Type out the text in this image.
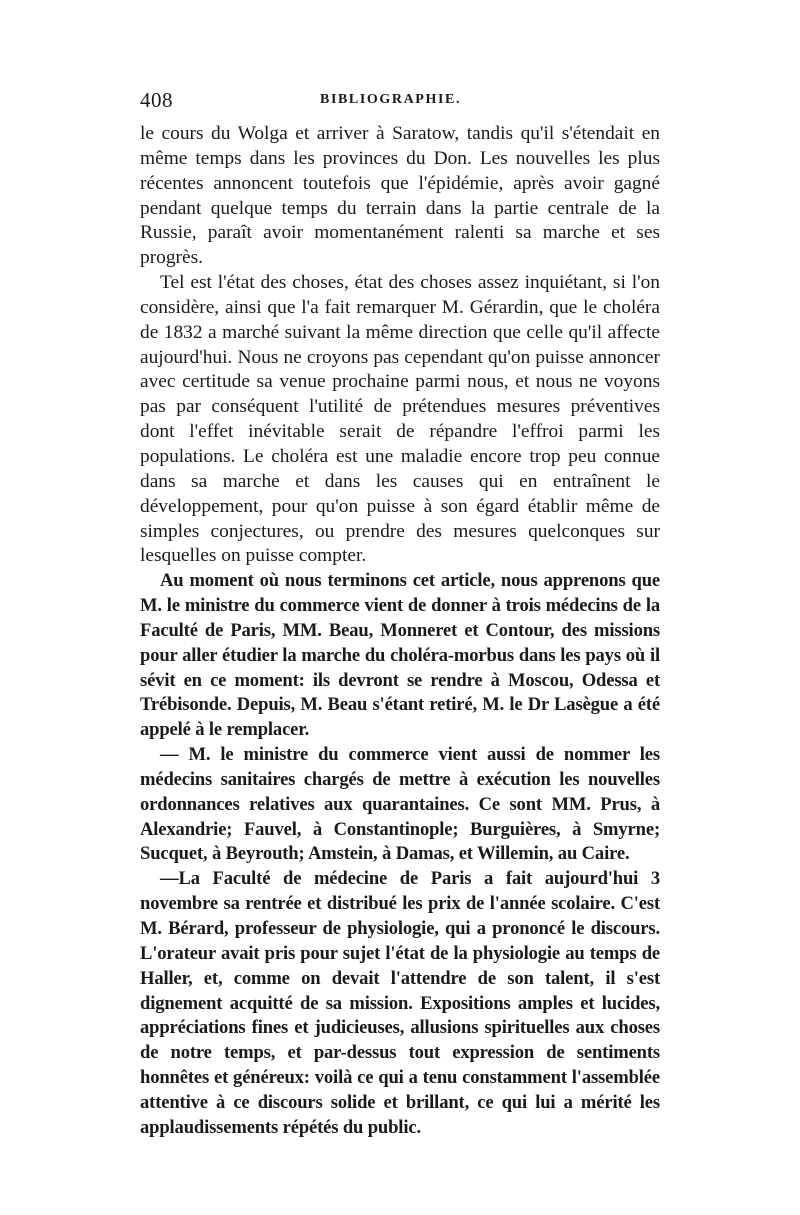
408	BIBLIOGRAPHIE.

le cours du Wolga et arriver à Saratow, tandis qu'il s'étendait en même temps dans les provinces du Don. Les nouvelles les plus récentes annoncent toutefois que l'épidémie, après avoir gagné pendant quelque temps du terrain dans la partie centrale de la Russie, paraît avoir momentanément ralenti sa marche et ses progrès.

Tel est l'état des choses, état des choses assez inquiétant, si l'on considère, ainsi que l'a fait remarquer M. Gérardin, que le choléra de 1832 a marché suivant la même direction que celle qu'il affecte aujourd'hui. Nous ne croyons pas cependant qu'on puisse annoncer avec certitude sa venue prochaine parmi nous, et nous ne voyons pas par conséquent l'utilité de prétendues mesures préventives dont l'effet inévitable serait de répandre l'effroi parmi les populations. Le choléra est une maladie encore trop peu connue dans sa marche et dans les causes qui en entraînent le développement, pour qu'on puisse à son égard établir même de simples conjectures, ou prendre des mesures quelconques sur lesquelles on puisse compter.

Au moment où nous terminons cet article, nous apprenons que M. le ministre du commerce vient de donner à trois médecins de la Faculté de Paris, MM. Beau, Monneret et Contour, des missions pour aller étudier la marche du choléra-morbus dans les pays où il sévit en ce moment: ils devront se rendre à Moscou, Odessa et Trébisonde. Depuis, M. Beau s'étant retiré, M. le Dr Lasègue a été appelé à le remplacer.

— M. le ministre du commerce vient aussi de nommer les médecins sanitaires chargés de mettre à exécution les nouvelles ordonnances relatives aux quarantaines. Ce sont MM. Prus, à Alexandrie; Fauvel, à Constantinople; Burguières, à Smyrne; Sucquet, à Beyrouth; Amstein, à Damas, et Willemin, au Caire.

—La Faculté de médecine de Paris a fait aujourd'hui 3 novembre sa rentrée et distribué les prix de l'année scolaire. C'est M. Bérard, professeur de physiologie, qui a prononcé le discours. L'orateur avait pris pour sujet l'état de la physiologie au temps de Haller, et, comme on devait l'attendre de son talent, il s'est dignement acquitté de sa mission. Expositions amples et lucides, appréciations fines et judicieuses, allusions spirituelles aux choses de notre temps, et par-dessus tout expression de sentiments honnêtes et généreux: voilà ce qui a tenu constamment l'assemblée attentive à ce discours solide et brillant, ce qui lui a mérité les applaudissements répétés du public.
